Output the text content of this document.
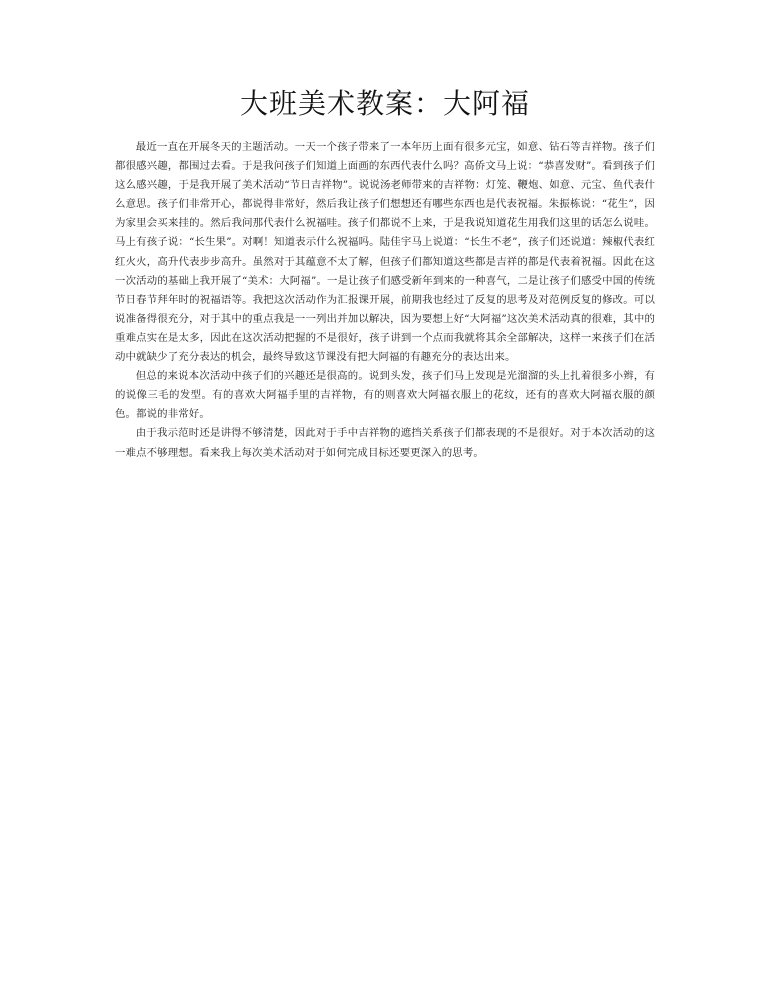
大班美术教案：大阿福

最近一直在开展冬天的主题活动。一天一个孩子带来了一本年历上面有很多元宝，如意、钻石等吉祥物。孩子们都很感兴趣，都围过去看。于是我问孩子们知道上面画的东西代表什么吗？高侨文马上说：“恭喜发财”。看到孩子们这么感兴趣，于是我开展了美术活动“节日吉祥物”。说说汤老师带来的吉祥物：灯笼、鞭炮、如意、元宝、鱼代表什么意思。孩子们非常开心，都说得非常好，然后我让孩子们想想还有哪些东西也是代表祝福。朱振栋说：“花生”，因为家里会买来挂的。然后我问那代表什么祝福哇。孩子们都说不上来，于是我说知道花生用我们这里的话怎么说哇。马上有孩子说：“长生果”。对啊！知道表示什么祝福吗。陆佳宇马上说道：“长生不老”，孩子们还说道：辣椒代表红红火火，高升代表步步高升。虽然对于其蕴意不太了解，但孩子们都知道这些都是吉祥的都是代表着祝福。因此在这一次活动的基础上我开展了“美术：大阿福”。一是让孩子们感受新年到来的一种喜气，二是让孩子们感受中国的传统节日春节拜年时的祝福语等。我把这次活动作为汇报课开展，前期我也经过了反复的思考及对范例反复的修改。可以说准备得很充分，对于其中的重点我是一一列出并加以解决，因为要想上好“大阿福”这次美术活动真的很难，其中的重难点实在是太多，因此在这次活动把握的不是很好，孩子讲到一个点而我就将其余全部解决，这样一来孩子们在活动中就缺少了充分表达的机会，最终导致这节课没有把大阿福的有趣充分的表达出来。

但总的来说本次活动中孩子们的兴趣还是很高的。说到头发，孩子们马上发现是光溜溜的头上扎着很多小辫，有的说像三毛的发型。有的喜欢大阿福手里的吉祥物，有的则喜欢大阿福衣服上的花纹，还有的喜欢大阿福衣服的颜色。都说的非常好。

由于我示范时还是讲得不够清楚，因此对于手中吉祥物的遮挡关系孩子们都表现的不是很好。对于本次活动的这一难点不够理想。看来我上每次美术活动对于如何完成目标还要更深入的思考。
